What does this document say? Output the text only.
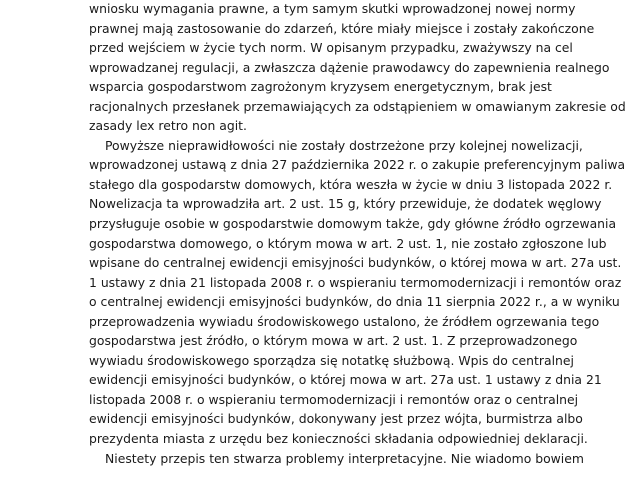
wniosku wymagania prawne, a tym samym skutki wprowadzonej nowej normy
prawnej mają zastosowanie do zdarzeń, które miały miejsce i zostały zakończone
przed wejściem w życie tych norm. W opisanym przypadku, zważywszy na cel
wprowadzanej regulacji, a zwłaszcza dążenie prawodawcy do zapewnienia realnego
wsparcia gospodarstwom zagrożonym kryzysem energetycznym, brak jest
racjonalnych przesłanek przemawiających za odstąpieniem w omawianym zakresie od
zasady lex retro non agit.
Powyższe nieprawidłowości nie zostały dostrzeżone przy kolejnej nowelizacji,
wprowadzonej ustawą z dnia 27 października 2022 r. o zakupie preferencyjnym paliwa
stałego dla gospodarstw domowych, która weszła w życie w dniu 3 listopada 2022 r.
Nowelizacja ta wprowadziła art. 2 ust. 15 g, który przewiduje, że dodatek węglowy
przysługuje osobie w gospodarstwie domowym także, gdy główne źródło ogrzewania
gospodarstwa domowego, o którym mowa w art. 2 ust. 1, nie zostało zgłoszone lub
wpisane do centralnej ewidencji emisyjności budynków, o której mowa w art. 27a ust.
1 ustawy z dnia 21 listopada 2008 r. o wspieraniu termomodernizacji i remontów oraz
o centralnej ewidencji emisyjności budynków, do dnia 11 sierpnia 2022 r., a w wyniku
przeprowadzenia wywiadu środowiskowego ustalono, że źródłem ogrzewania tego
gospodarstwa jest źródło, o którym mowa w art. 2 ust. 1. Z przeprowadzonego
wywiadu środowiskowego sporządza się notatkę służbową. Wpis do centralnej
ewidencji emisyjności budynków, o której mowa w art. 27a ust. 1 ustawy z dnia 21
listopada 2008 r. o wspieraniu termomodernizacji i remontów oraz o centralnej
ewidencji emisyjności budynków, dokonywany jest przez wójta, burmistrza albo
prezydenta miasta z urzędu bez konieczności składania odpowiedniej deklaracji.
Niestety przepis ten stwarza problemy interpretacyjne. Nie wiadomo bowiem
